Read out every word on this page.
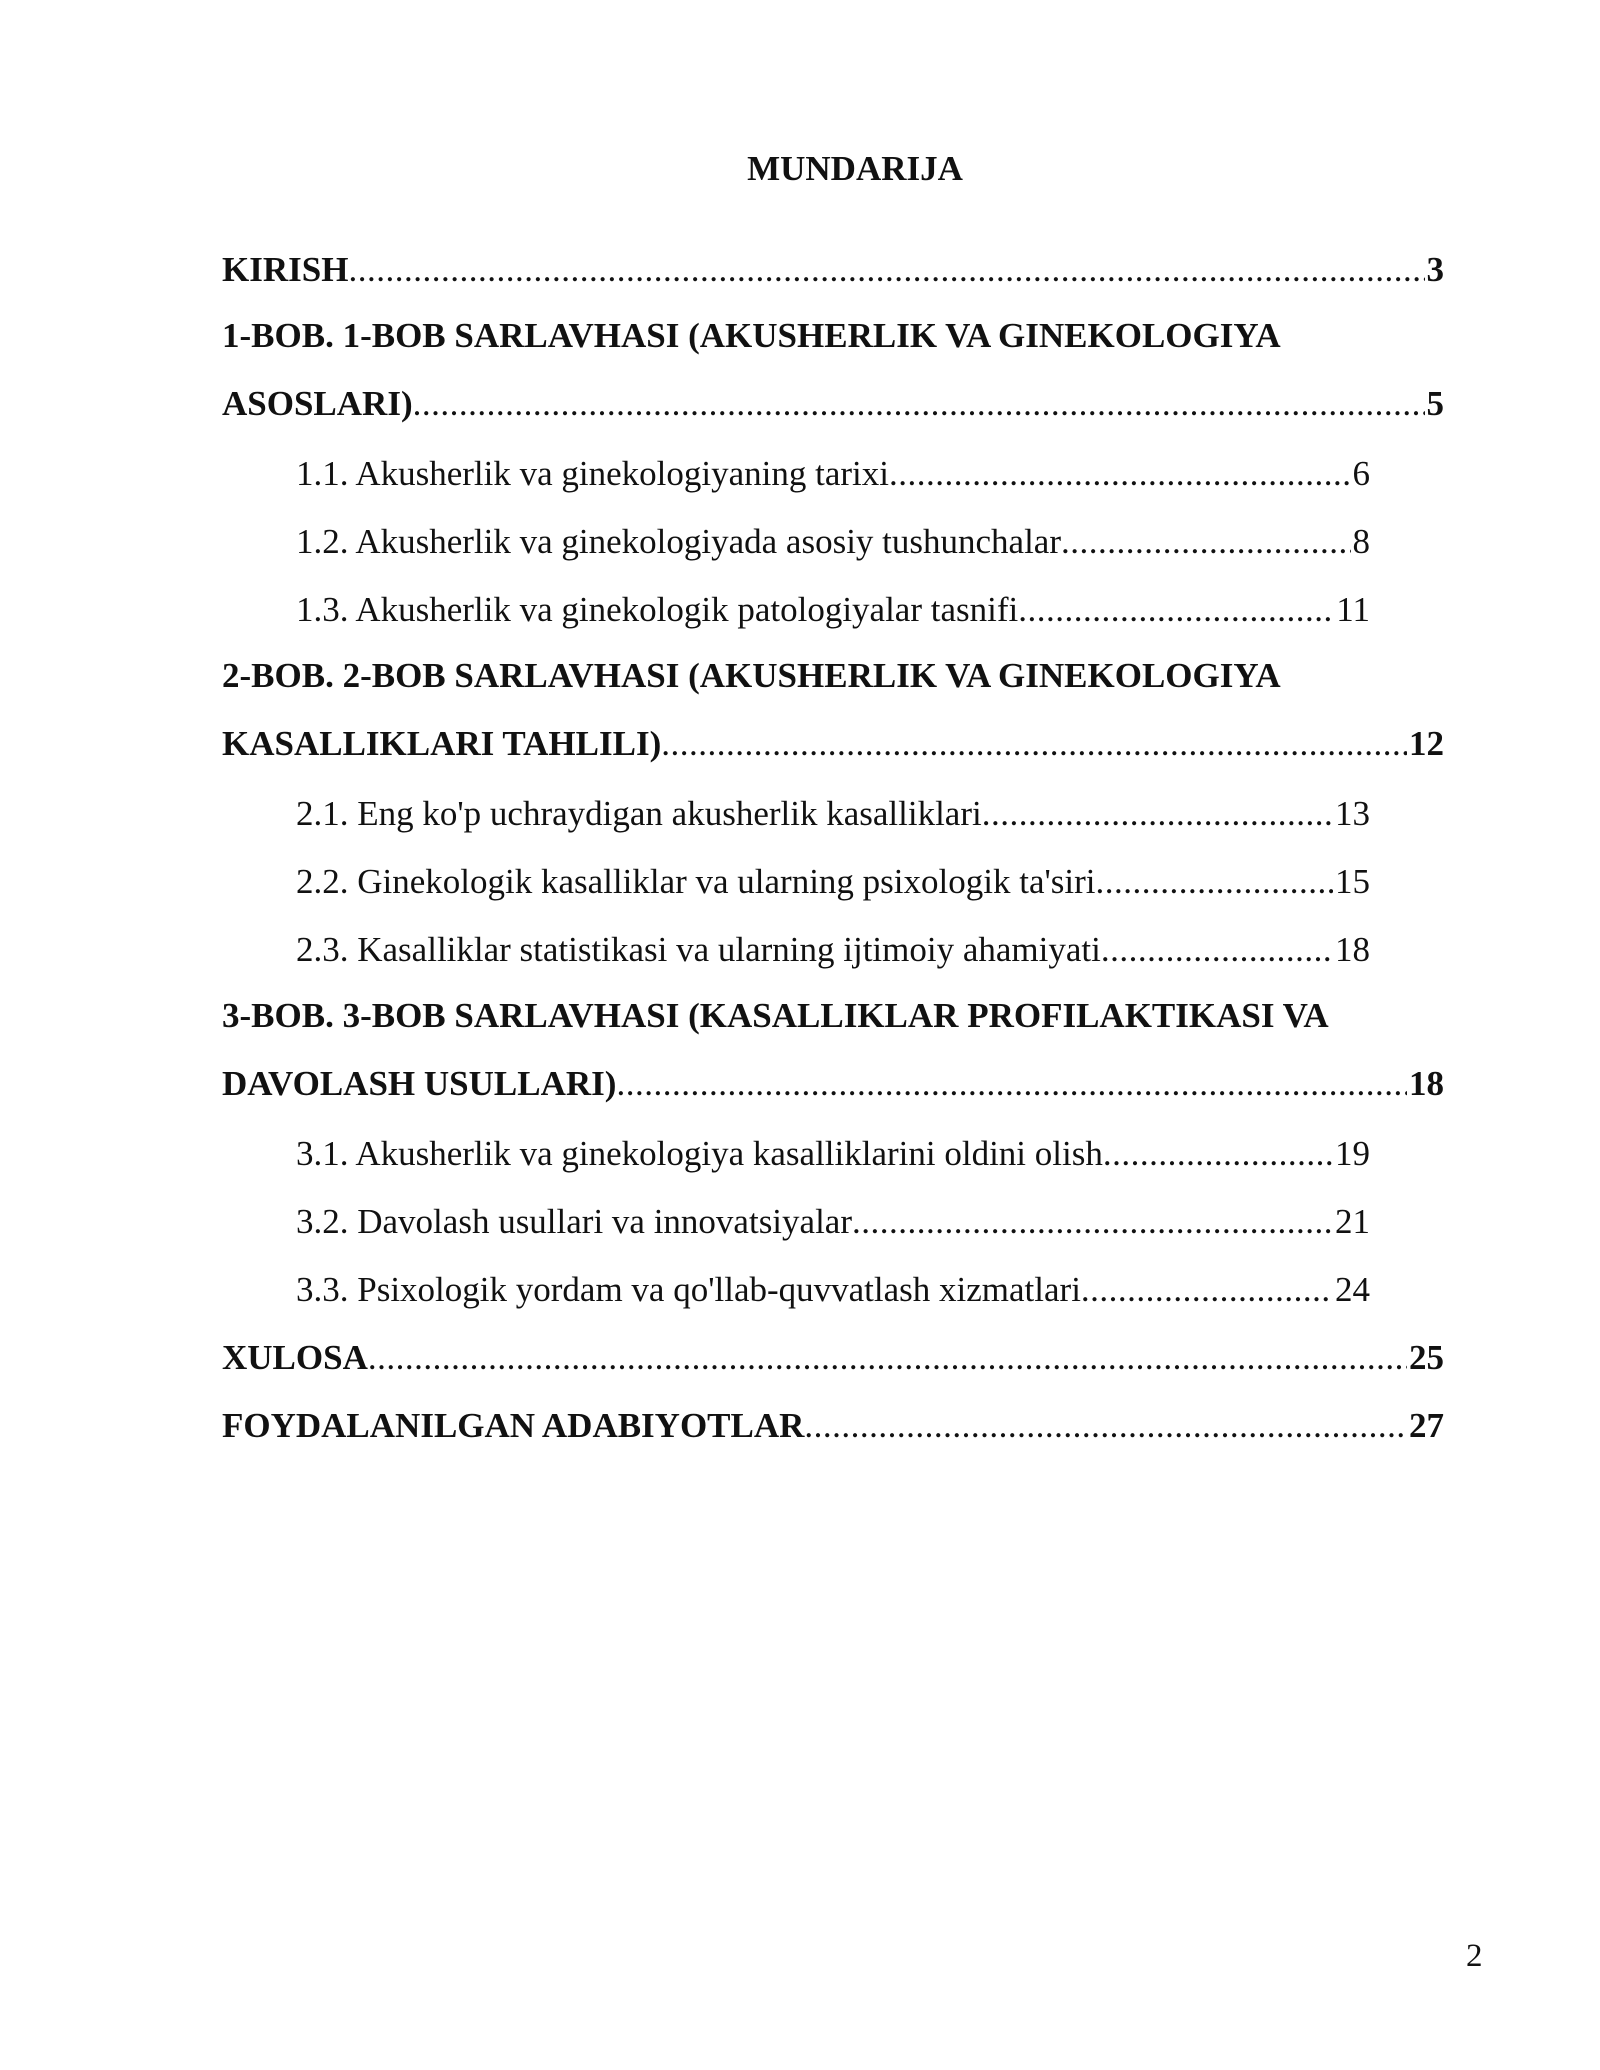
MUNDARIJA
KIRISH .....	3
1-BOB. 1-BOB SARLAVHASI (AKUSHERLIK VA GINEKOLOGIYA
ASOSLARI) .....	5
1.1. Akusherlik va ginekologiyaning tarixi .....	6
1.2. Akusherlik va ginekologiyada asosiy tushunchalar .....	8
1.3. Akusherlik va ginekologik patologiyalar tasnifi .....	11
2-BOB. 2-BOB SARLAVHASI (AKUSHERLIK VA GINEKOLOGIYA
KASALLIKLARI TAHLILI) .....	12
2.1. Eng ko'p uchraydigan akusherlik kasalliklari .....	13
2.2. Ginekologik kasalliklar va ularning psixologik ta'siri .....	15
2.3. Kasalliklar statistikasi va ularning ijtimoiy ahamiyati .....	18
3-BOB. 3-BOB SARLAVHASI (KASALLIKLAR PROFILAKTIKASI VA
DAVOLASH USULLARI) .....	18
3.1. Akusherlik va ginekologiya kasalliklarini oldini olish .....	19
3.2. Davolash usullari va innovatsiyalar .....	21
3.3. Psixologik yordam va qo'llab-quvvatlash xizmatlari .....	24
XULOSA .....	25
FOYDALANILGAN ADABIYOTLAR .....	27
2
